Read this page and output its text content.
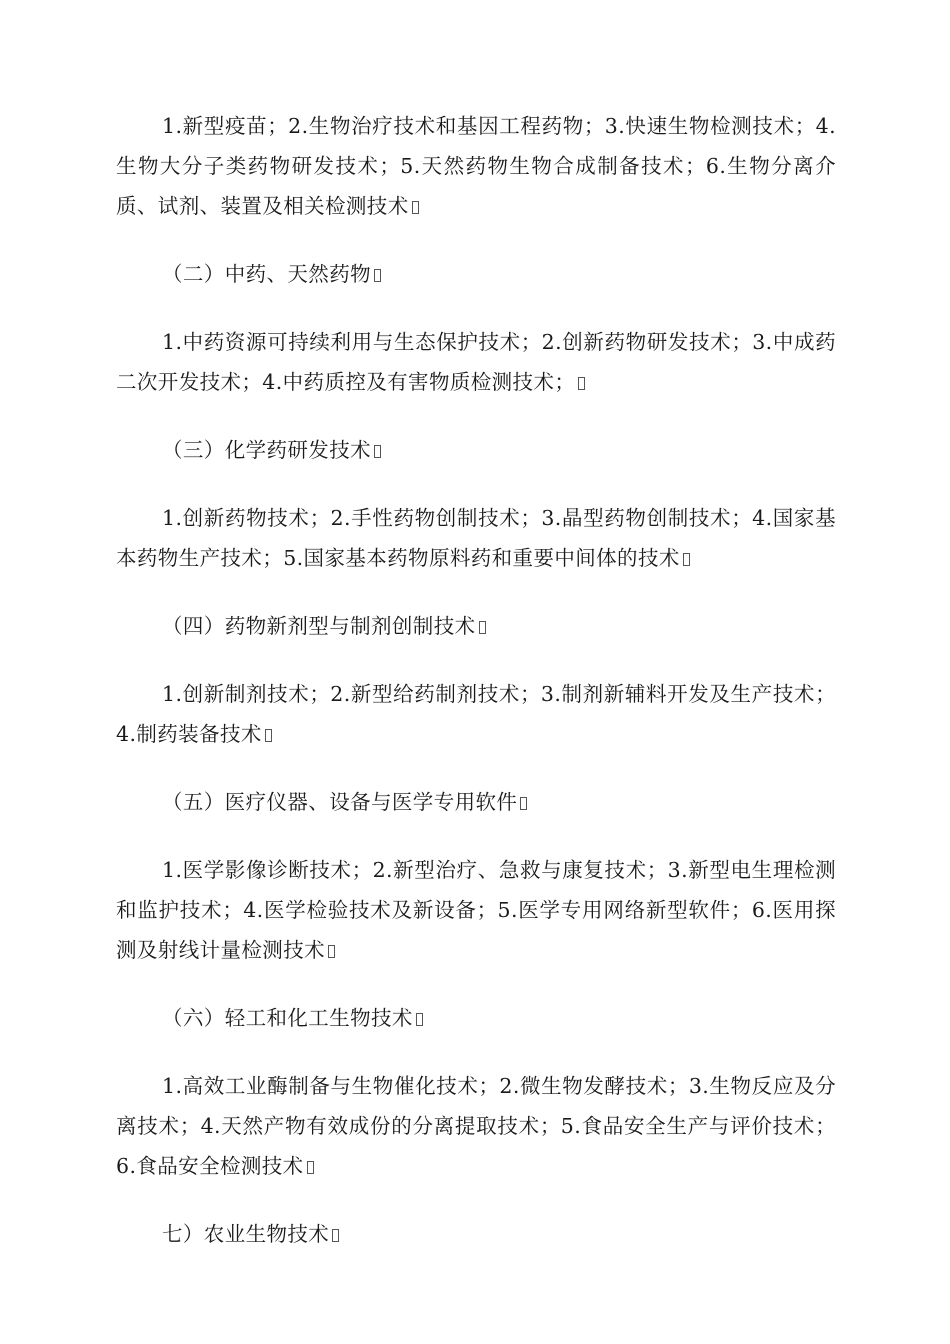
1.新型疫苗；2.生物治疗技术和基因工程药物；3.快速生物检测技术；4.生物大分子类药物研发技术；5.天然药物生物合成制备技术；6.生物分离介质、试剂、装置及相关检测技术

（二）中药、天然药物

1.中药资源可持续利用与生态保护技术；2.创新药物研发技术；3.中成药二次开发技术；4.中药质控及有害物质检测技术；

（三）化学药研发技术

1.创新药物技术；2.手性药物创制技术；3.晶型药物创制技术；4.国家基本药物生产技术；5.国家基本药物原料药和重要中间体的技术

（四）药物新剂型与制剂创制技术

1.创新制剂技术；2.新型给药制剂技术；3.制剂新辅料开发及生产技术；4.制药装备技术

（五）医疗仪器、设备与医学专用软件

1.医学影像诊断技术；2.新型治疗、急救与康复技术；3.新型电生理检测和监护技术；4.医学检验技术及新设备；5.医学专用网络新型软件；6.医用探测及射线计量检测技术

（六）轻工和化工生物技术

1.高效工业酶制备与生物催化技术；2.微生物发酵技术；3.生物反应及分离技术；4.天然产物有效成份的分离提取技术；5.食品安全生产与评价技术；6.食品安全检测技术

七）农业生物技术
